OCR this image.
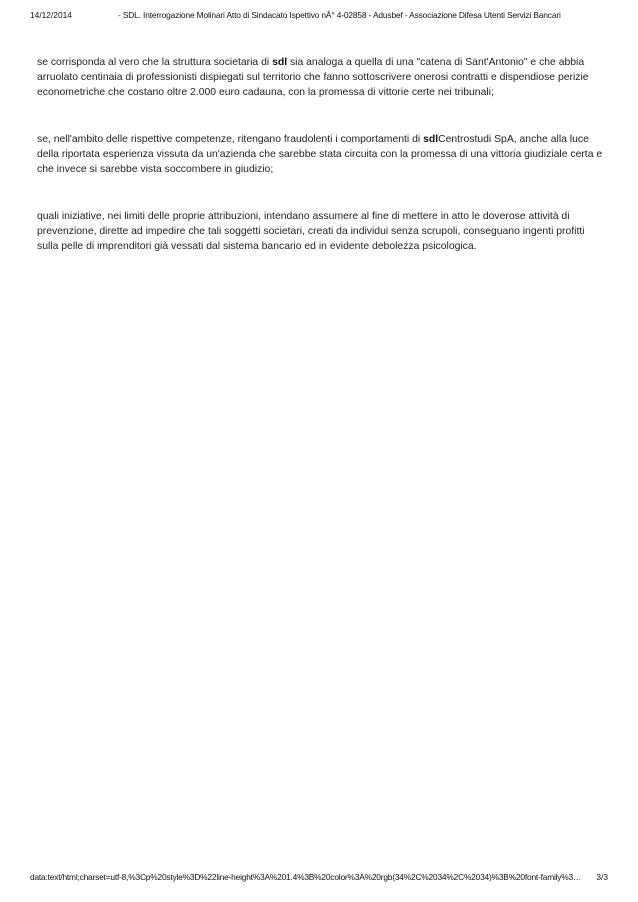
14/12/2014	- SDL. Interrogazione Molinari Atto di Sindacato Ispettivo nÂ° 4-02858 - Adusbef - Associazione Difesa Utenti Servizi Bancari

se corrisponda al vero che la struttura societaria di sdl sia analoga a quella di una "catena di Sant'Antonio" e che abbia arruolato centinaia di professionisti dispiegati sul territorio che fanno sottoscrivere onerosi contratti e dispendiose perizie econometriche che costano oltre 2.000 euro cadauna, con la promessa di vittorie certe nei tribunali;

se, nell'ambito delle rispettive competenze, ritengano fraudolenti i comportamenti di sdlCentrostudi SpA, anche alla luce della riportata esperienza vissuta da un'azienda che sarebbe stata circuita con la promessa di una vittoria giudiziale certa e che invece si sarebbe vista soccombere in giudizio;

quali iniziative, nei limiti delle proprie attribuzioni, intendano assumere al fine di mettere in atto le doverose attività di prevenzione, dirette ad impedire che tali soggetti societari, creati da individui senza scrupoli, conseguano ingenti profitti sulla pelle di imprenditori già vessati dal sistema bancario ed in evidente debolezza psicologica.

data:text/html;charset=utf-8,%3Cp%20style%3D%22line-height%3A%201.4%3B%20color%3A%20rgb(34%2C%2034%2C%2034)%3B%20font-family%3…	3/3
